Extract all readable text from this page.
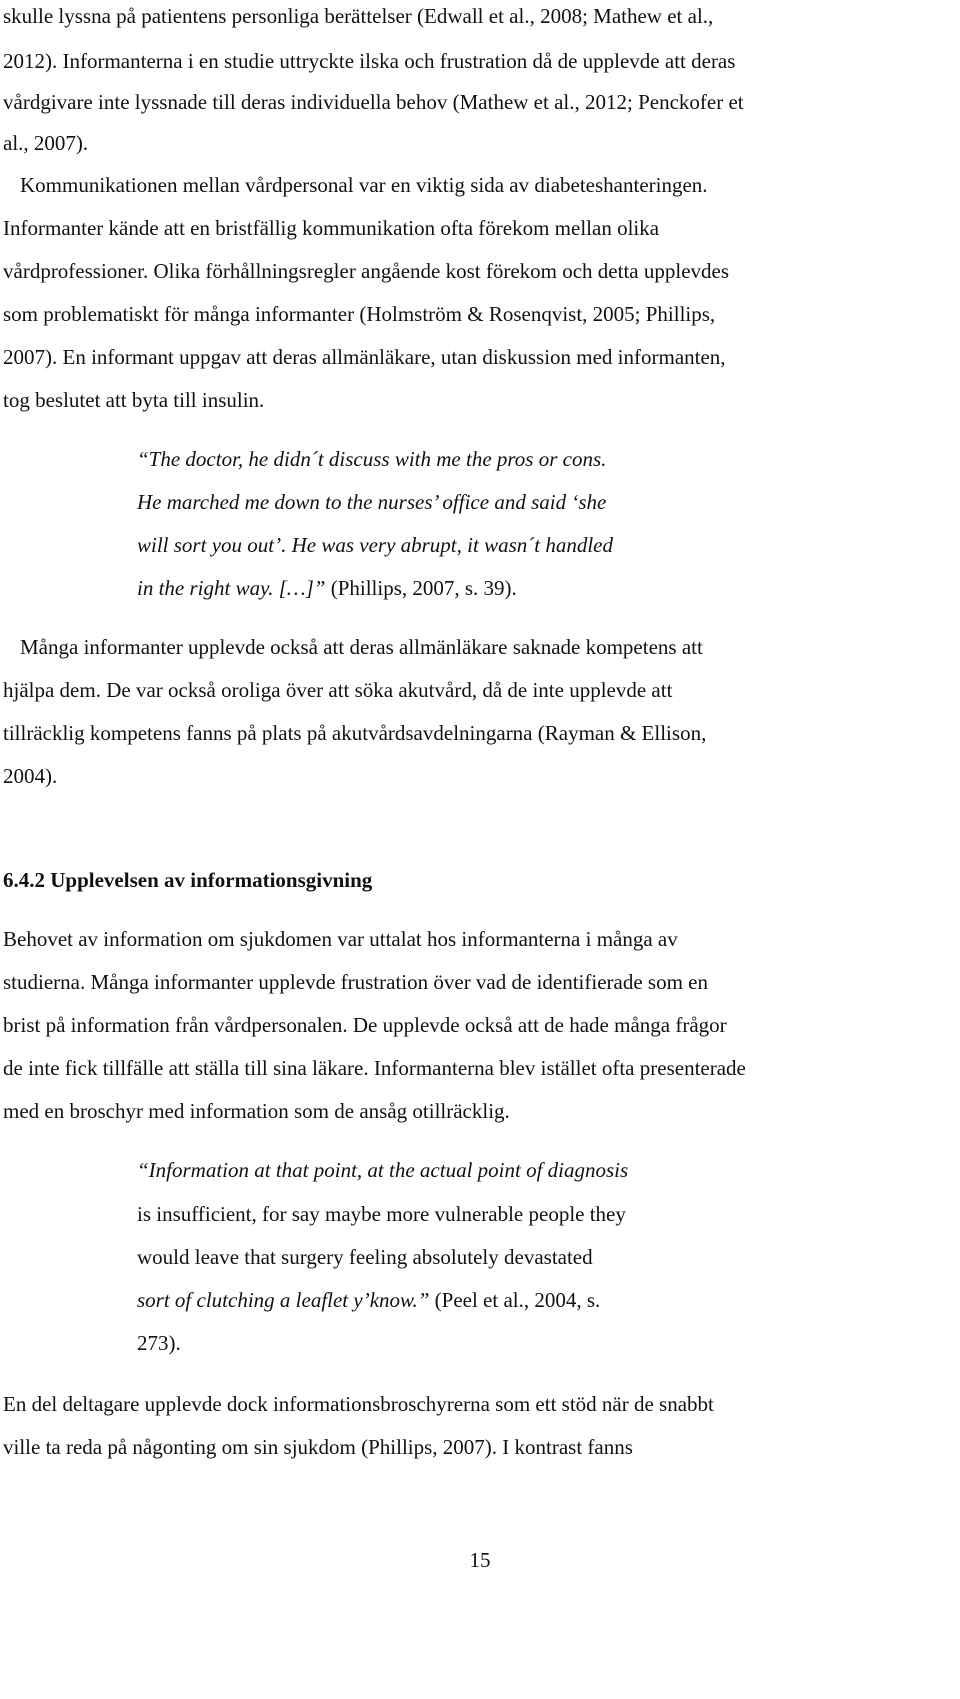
skulle lyssna på patientens personliga berättelser (Edwall et al., 2008; Mathew et al.,
2012). Informanterna i en studie uttryckte ilska och frustration då de upplevde att deras
vårdgivare inte lyssnade till deras individuella behov (Mathew et al., 2012; Penckofer et
al., 2007).
Kommunikationen mellan vårdpersonal var en viktig sida av diabeteshanteringen.
Informanter kände att en bristfällig kommunikation ofta förekom mellan olika
vårdprofessioner. Olika förhållningsregler angående kost förekom och detta upplevdes
som problematiskt för många informanter (Holmström & Rosenqvist, 2005; Phillips,
2007). En informant uppgav att deras allmänläkare, utan diskussion med informanten,
tog beslutet att byta till insulin.
“The doctor, he didn´t discuss with me the pros or cons.
He marched me down to the nurses’ office and said ‘she
will sort you out’. He was very abrupt, it wasn´t handled
in the right way. […]” (Phillips, 2007, s. 39).
Många informanter upplevde också att deras allmänläkare saknade kompetens att
hjälpa dem. De var också oroliga över att söka akutvård, då de inte upplevde att
tillräcklig kompetens fanns på plats på akutvårdsavdelningarna (Rayman & Ellison,
2004).
6.4.2 Upplevelsen av informationsgivning
Behovet av information om sjukdomen var uttalat hos informanterna i många av
studierna. Många informanter upplevde frustration över vad de identifierade som en
brist på information från vårdpersonalen. De upplevde också att de hade många frågor
de inte fick tillfälle att ställa till sina läkare. Informanterna blev istället ofta presenterade
med en broschyr med information som de ansåg otillräcklig.
“Information at that point, at the actual point of diagnosis
is insufficient, for say maybe more vulnerable people they
would leave that surgery feeling absolutely devastated
sort of clutching a leaflet y’know.” (Peel et al., 2004, s.
273).
En del deltagare upplevde dock informationsbroschyrerna som ett stöd när de snabbt
ville ta reda på någonting om sin sjukdom (Phillips, 2007). I kontrast fanns
15
